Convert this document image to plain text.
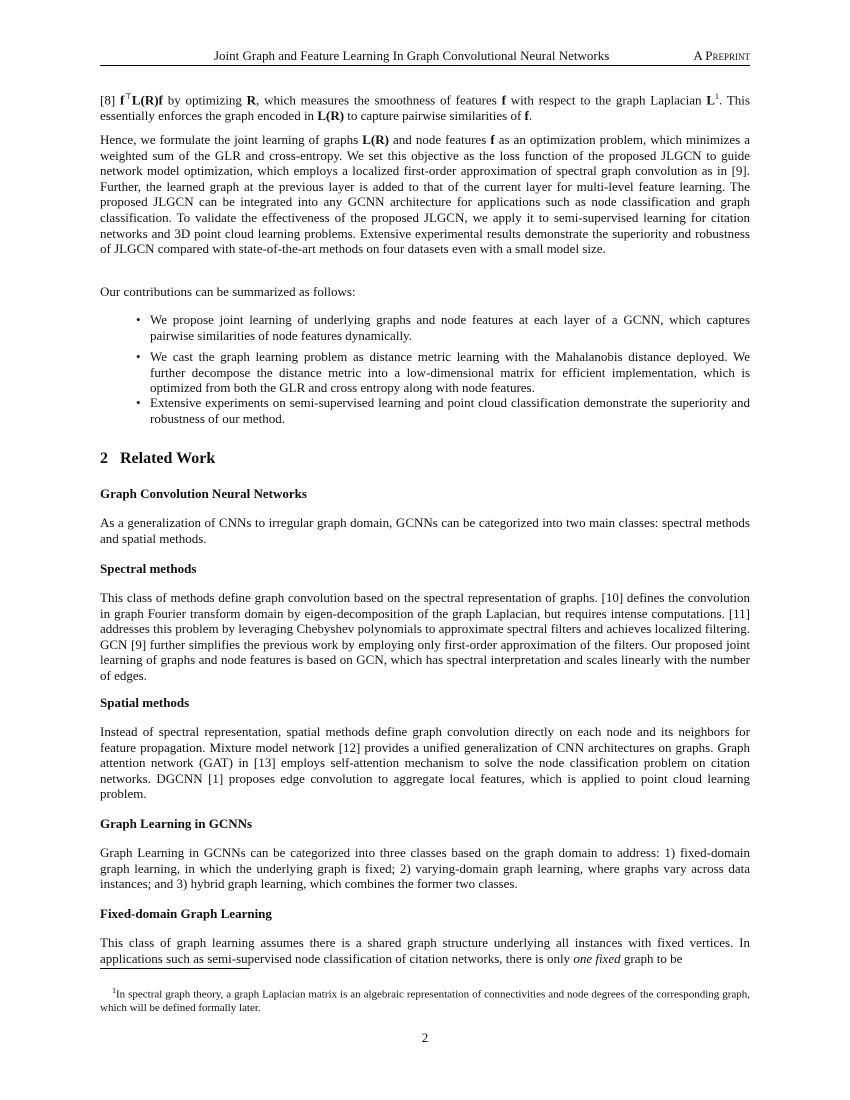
Joint Graph and Feature Learning In Graph Convolutional Neural Networks	A Preprint

[8] f⊤L(R)f by optimizing R, which measures the smoothness of features f with respect to the graph Laplacian $L^1$. This essentially enforces the graph encoded in L(R) to capture pairwise similarities of f.

Hence, we formulate the joint learning of graphs L(R) and node features f as an optimization problem, which minimizes a weighted sum of the GLR and cross-entropy. We set this objective as the loss function of the proposed JLGCN to guide network model optimization, which employs a localized first-order approximation of spectral graph convolution as in [9]. Further, the learned graph at the previous layer is added to that of the current layer for multi-level feature learning. The proposed JLGCN can be integrated into any GCNN architecture for applications such as node classification and graph classification. To validate the effectiveness of the proposed JLGCN, we apply it to semi-supervised learning for citation networks and 3D point cloud learning problems. Extensive experimental results demonstrate the superiority and robustness of JLGCN compared with state-of-the-art methods on four datasets even with a small model size.

Our contributions can be summarized as follows:

• We propose joint learning of underlying graphs and node features at each layer of a GCNN, which captures pairwise similarities of node features dynamically.
• We cast the graph learning problem as distance metric learning with the Mahalanobis distance deployed. We further decompose the distance metric into a low-dimensional matrix for efficient implementation, which is optimized from both the GLR and cross entropy along with node features.
• Extensive experiments on semi-supervised learning and point cloud classification demonstrate the superiority and robustness of our method.
2 Related Work
Graph Convolution Neural Networks

As a generalization of CNNs to irregular graph domain, GCNNs can be categorized into two main classes: spectral methods and spatial methods.

Spectral methods

This class of methods define graph convolution based on the spectral representation of graphs. [10] defines the convolution in graph Fourier transform domain by eigen-decomposition of the graph Laplacian, but requires intense computations. [11] addresses this problem by leveraging Chebyshev polynomials to approximate spectral filters and achieves localized filtering. GCN [9] further simplifies the previous work by employing only first-order approximation of the filters. Our proposed joint learning of graphs and node features is based on GCN, which has spectral interpretation and scales linearly with the number of edges.

Spatial methods

Instead of spectral representation, spatial methods define graph convolution directly on each node and its neighbors for feature propagation. Mixture model network [12] provides a unified generalization of CNN architectures on graphs. Graph attention network (GAT) in [13] employs self-attention mechanism to solve the node classification problem on citation networks. DGCNN [1] proposes edge convolution to aggregate local features, which is applied to point cloud learning problem.

Graph Learning in GCNNs

Graph Learning in GCNNs can be categorized into three classes based on the graph domain to address: 1) fixed-domain graph learning, in which the underlying graph is fixed; 2) varying-domain graph learning, where graphs vary across data instances; and 3) hybrid graph learning, which combines the former two classes.

Fixed-domain Graph Learning

This class of graph learning assumes there is a shared graph structure underlying all instances with fixed vertices. In applications such as semi-supervised node classification of citation networks, there is only one fixed graph to be

$^1$In spectral graph theory, a graph Laplacian matrix is an algebraic representation of connectivities and node degrees of the corresponding graph, which will be defined formally later.

2
